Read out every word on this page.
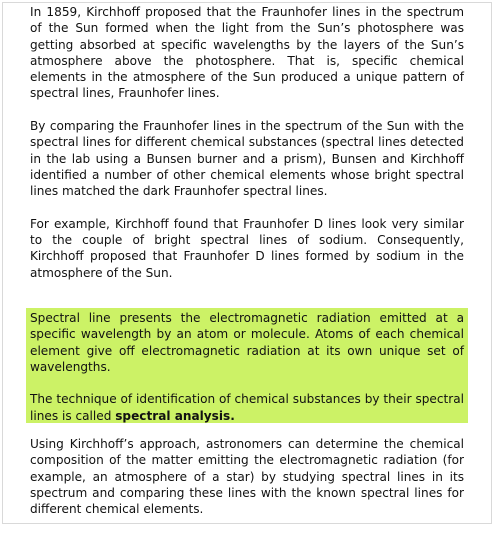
In 1859, Kirchhoff proposed that the Fraunhofer lines in the spectrum of the Sun formed when the light from the Sun’s photosphere was getting absorbed at specific wavelengths by the layers of the Sun’s atmosphere above the photosphere. That is, specific chemical elements in the atmosphere of the Sun produced a unique pattern of spectral lines, Fraunhofer lines.

By comparing the Fraunhofer lines in the spectrum of the Sun with the spectral lines for different chemical substances (spectral lines detected in the lab using a Bunsen burner and a prism), Bunsen and Kirchhoff identified a number of other chemical elements whose bright spectral lines matched the dark Fraunhofer spectral lines.

For example, Kirchhoff found that Fraunhofer D lines look very similar to the couple of bright spectral lines of sodium. Consequently, Kirchhoff proposed that Fraunhofer D lines formed by sodium in the atmosphere of the Sun.

Spectral line presents the electromagnetic radiation emitted at a specific wavelength by an atom or molecule. Atoms of each chemical element give off electromagnetic radiation at its own unique set of wavelengths.

The technique of identification of chemical substances by their spectral lines is called spectral analysis.

Using Kirchhoff’s approach, astronomers can determine the chemical composition of the matter emitting the electromagnetic radiation (for example, an atmosphere of a star) by studying spectral lines in its spectrum and comparing these lines with the known spectral lines for different chemical elements.
